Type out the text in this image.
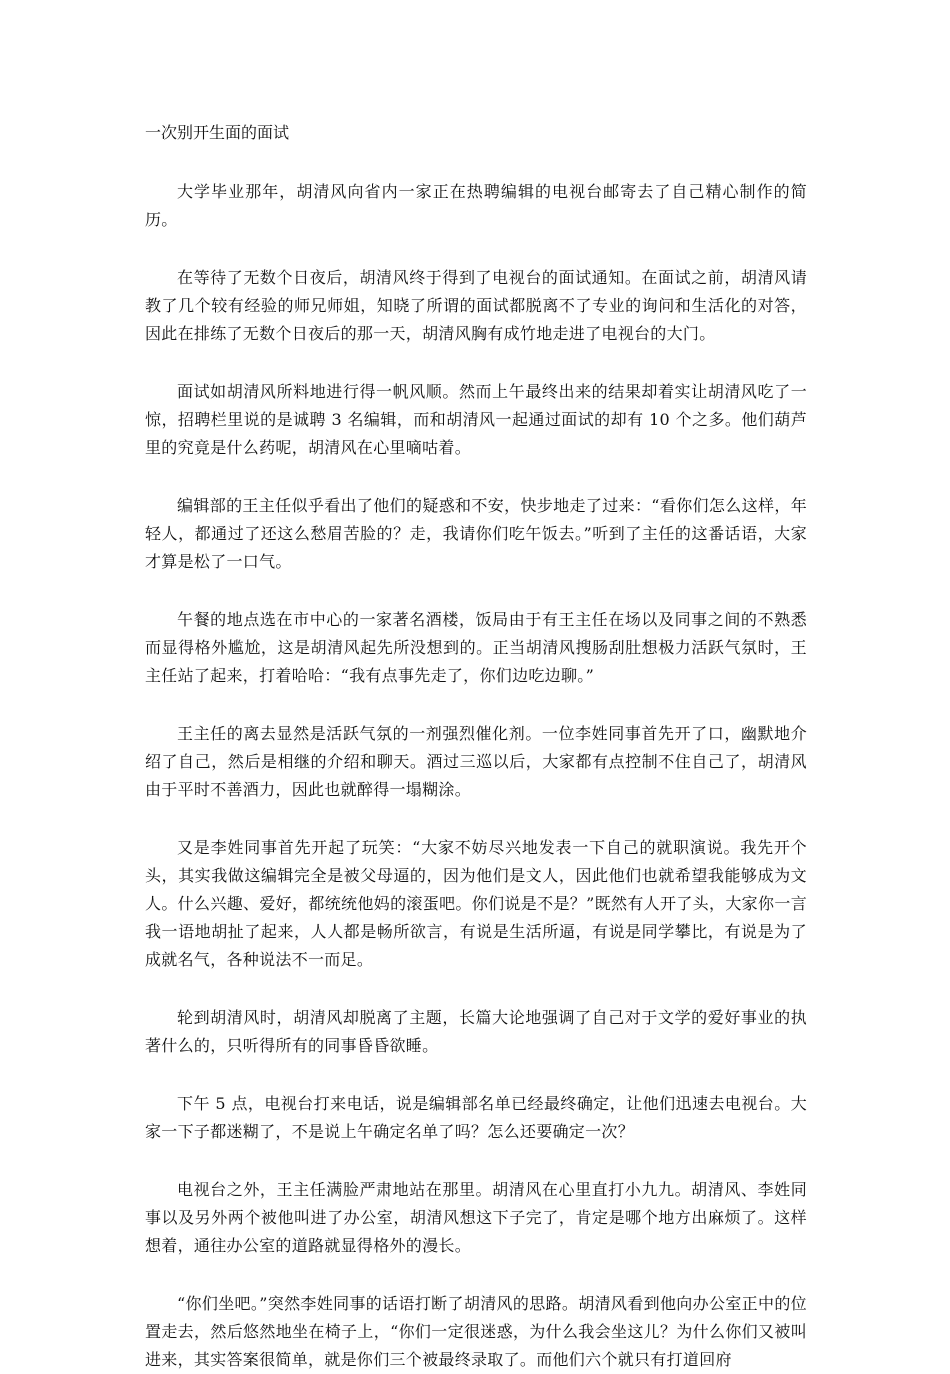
一次别开生面的面试

大学毕业那年，胡清风向省内一家正在热聘编辑的电视台邮寄去了自己精心制作的简历。

在等待了无数个日夜后，胡清风终于得到了电视台的面试通知。在面试之前，胡清风请教了几个较有经验的师兄师姐，知晓了所谓的面试都脱离不了专业的询问和生活化的对答，因此在排练了无数个日夜后的那一天，胡清风胸有成竹地走进了电视台的大门。

面试如胡清风所料地进行得一帆风顺。然而上午最终出来的结果却着实让胡清风吃了一惊，招聘栏里说的是诚聘 3 名编辑，而和胡清风一起通过面试的却有 10 个之多。他们葫芦里的究竟是什么药呢，胡清风在心里嘀咕着。

编辑部的王主任似乎看出了他们的疑惑和不安，快步地走了过来：“看你们怎么这样，年轻人，都通过了还这么愁眉苦脸的？走，我请你们吃午饭去。”听到了主任的这番话语，大家才算是松了一口气。

午餐的地点选在市中心的一家著名酒楼，饭局由于有王主任在场以及同事之间的不熟悉而显得格外尴尬，这是胡清风起先所没想到的。正当胡清风搜肠刮肚想极力活跃气氛时，王主任站了起来，打着哈哈：“我有点事先走了，你们边吃边聊。”

王主任的离去显然是活跃气氛的一剂强烈催化剂。一位李姓同事首先开了口，幽默地介绍了自己，然后是相继的介绍和聊天。酒过三巡以后，大家都有点控制不住自己了，胡清风由于平时不善酒力，因此也就醉得一塌糊涂。

又是李姓同事首先开起了玩笑：“大家不妨尽兴地发表一下自己的就职演说。我先开个头，其实我做这编辑完全是被父母逼的，因为他们是文人，因此他们也就希望我能够成为文人。什么兴趣、爱好，都统统他妈的滚蛋吧。你们说是不是？”既然有人开了头，大家你一言我一语地胡扯了起来，人人都是畅所欲言，有说是生活所逼，有说是同学攀比，有说是为了成就名气，各种说法不一而足。

轮到胡清风时，胡清风却脱离了主题，长篇大论地强调了自己对于文学的爱好事业的执著什么的，只听得所有的同事昏昏欲睡。

下午 5 点，电视台打来电话，说是编辑部名单已经最终确定，让他们迅速去电视台。大家一下子都迷糊了，不是说上午确定名单了吗？怎么还要确定一次？

电视台之外，王主任满脸严肃地站在那里。胡清风在心里直打小九九。胡清风、李姓同事以及另外两个被他叫进了办公室，胡清风想这下子完了，肯定是哪个地方出麻烦了。这样想着，通往办公室的道路就显得格外的漫长。

“你们坐吧。”突然李姓同事的话语打断了胡清风的思路。胡清风看到他向办公室正中的位置走去，然后悠然地坐在椅子上，“你们一定很迷惑，为什么我会坐这儿？为什么你们又被叫进来，其实答案很简单，就是你们三个被最终录取了。而他们六个就只有打道回府
